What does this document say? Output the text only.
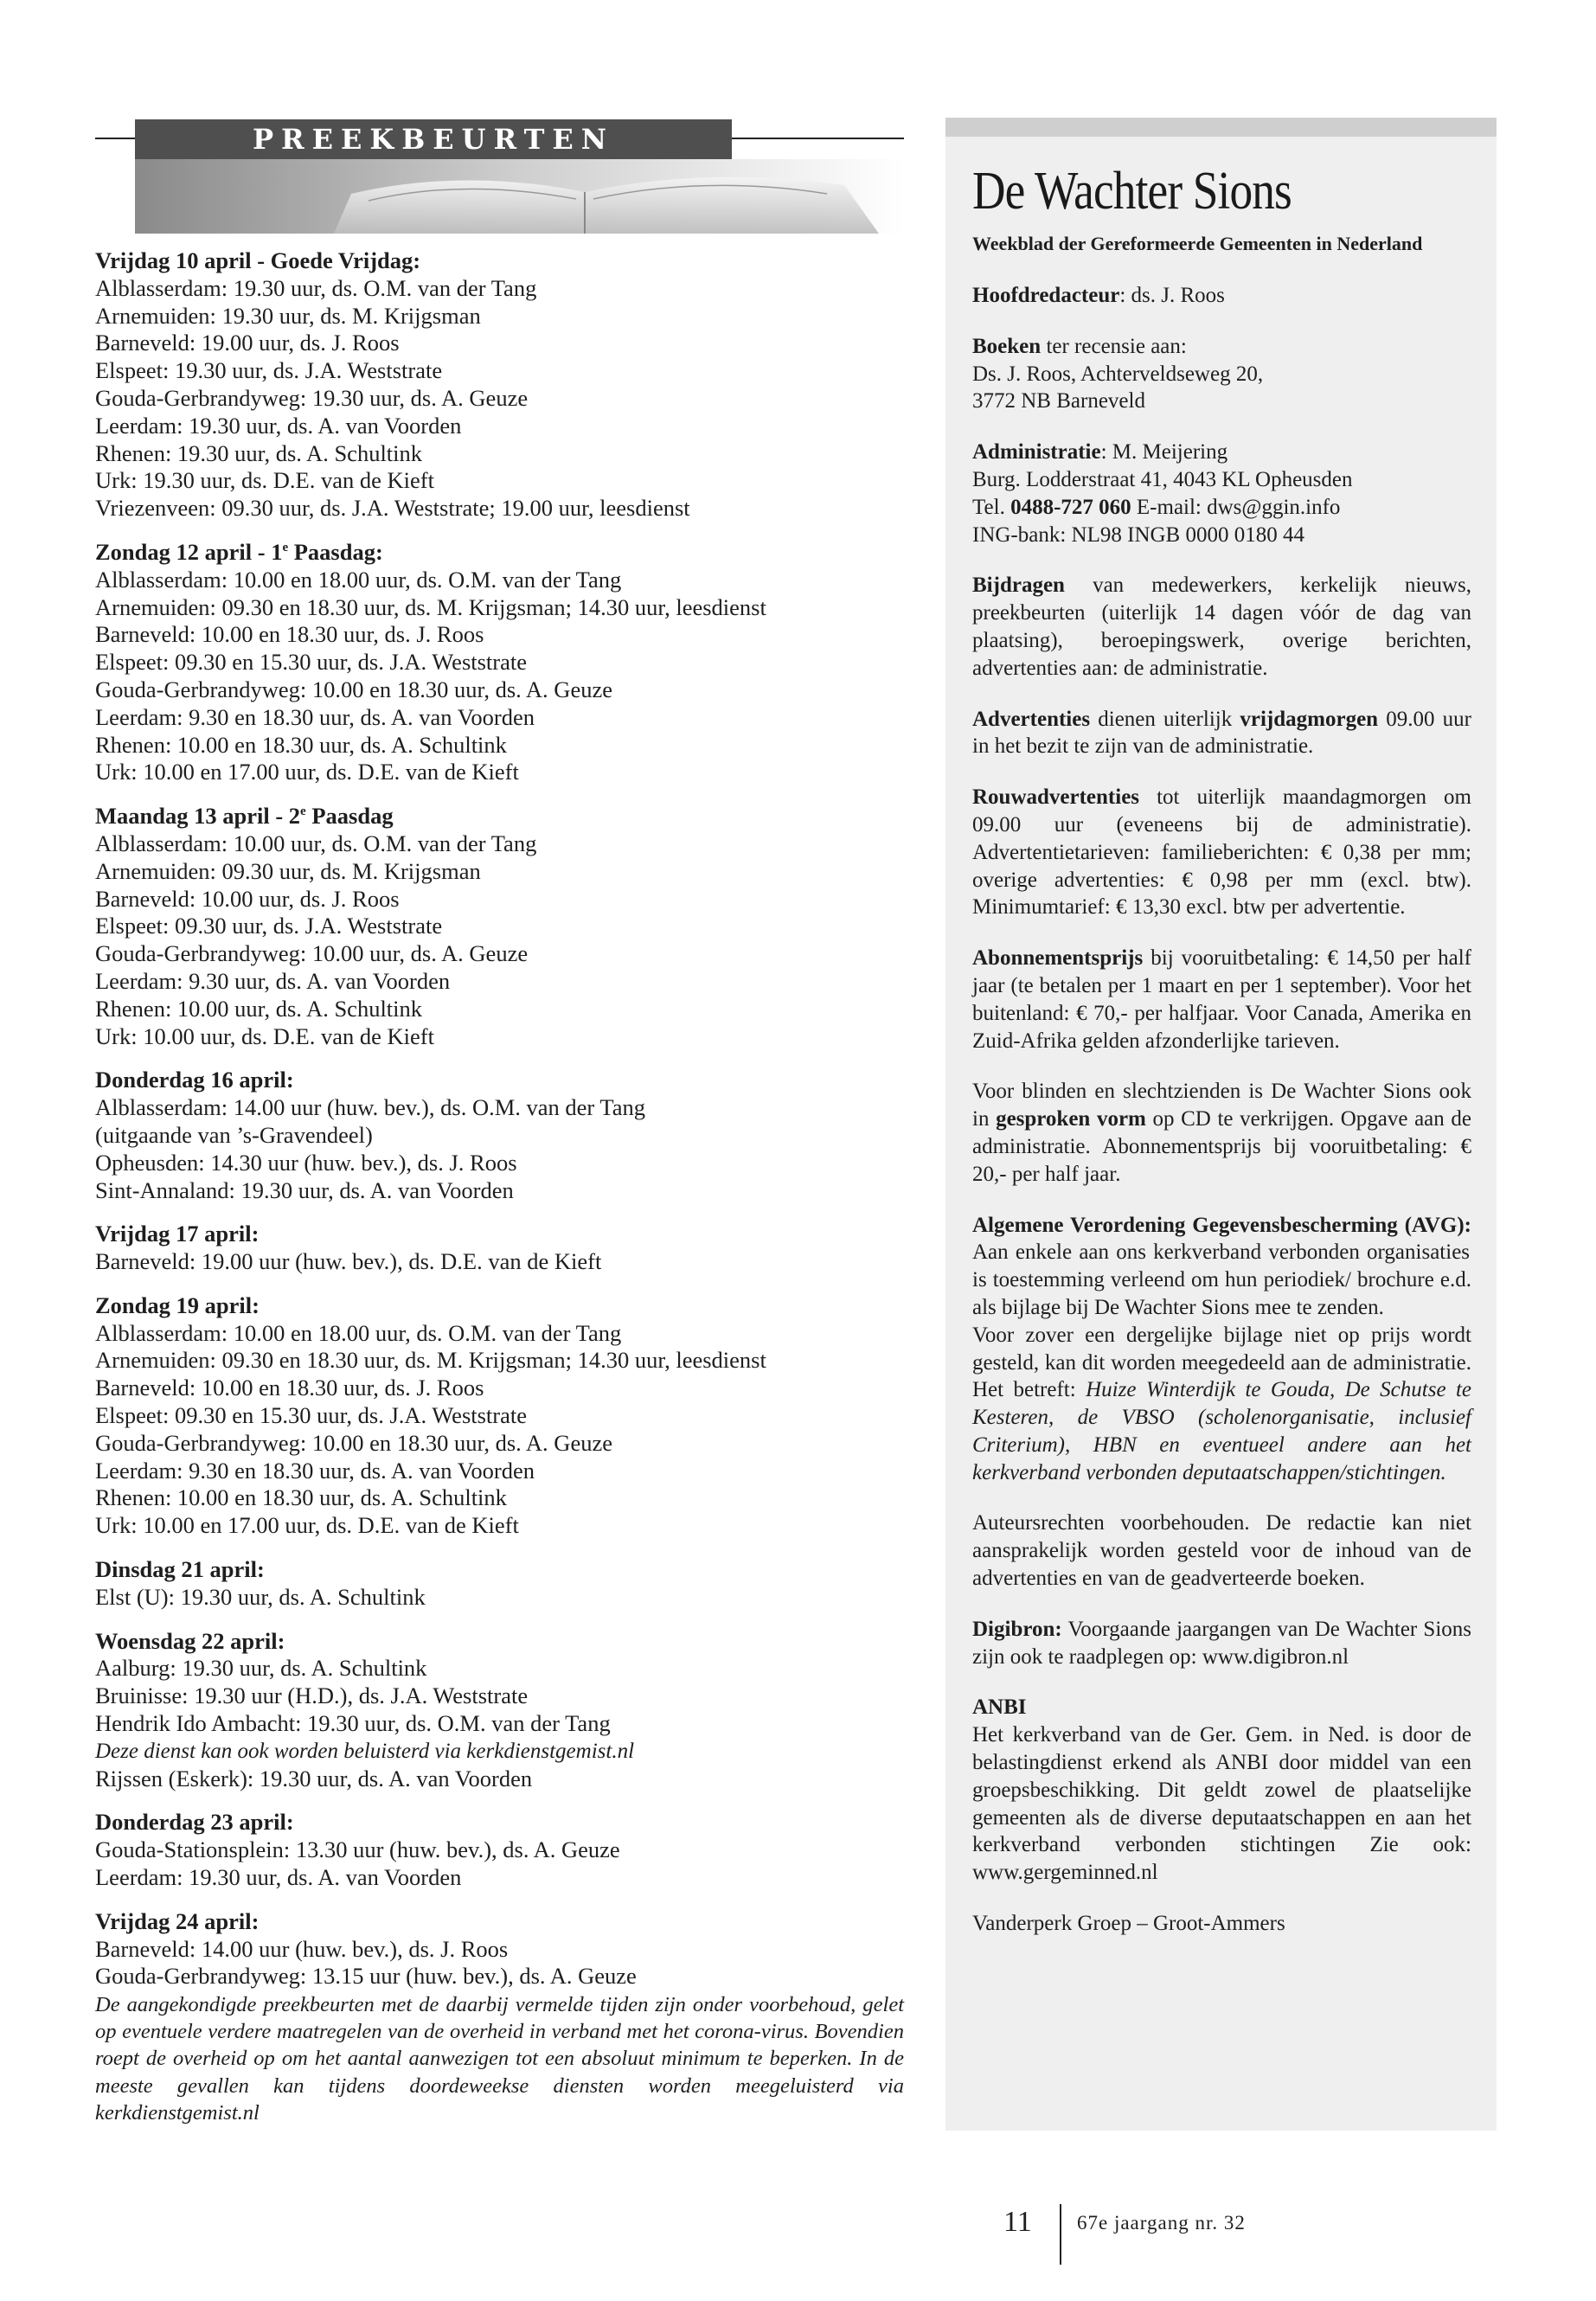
PREEKBEURTEN
Vrijdag 10 april - Goede Vrijdag:
Alblasserdam: 19.30 uur, ds. O.M. van der Tang
Arnemuiden: 19.30 uur, ds. M. Krijgsman
Barneveld: 19.00 uur, ds. J. Roos
Elspeet: 19.30 uur, ds. J.A. Weststrate
Gouda-Gerbrandyweg: 19.30 uur, ds. A. Geuze
Leerdam: 19.30 uur, ds. A. van Voorden
Rhenen: 19.30 uur, ds. A. Schultink
Urk: 19.30 uur, ds. D.E. van de Kieft
Vriezenveen: 09.30 uur, ds. J.A. Weststrate; 19.00 uur, leesdienst
Zondag 12 april - 1e Paasdag:
Alblasserdam: 10.00 en 18.00 uur, ds. O.M. van der Tang
Arnemuiden: 09.30 en 18.30 uur, ds. M. Krijgsman; 14.30 uur, leesdienst
Barneveld: 10.00 en 18.30 uur, ds. J. Roos
Elspeet: 09.30 en 15.30 uur, ds. J.A. Weststrate
Gouda-Gerbrandyweg: 10.00 en 18.30 uur, ds. A. Geuze
Leerdam: 9.30 en 18.30 uur, ds. A. van Voorden
Rhenen: 10.00 en 18.30 uur, ds. A. Schultink
Urk: 10.00 en 17.00 uur, ds. D.E. van de Kieft
Maandag 13 april - 2e Paasdag
Alblasserdam: 10.00 uur, ds. O.M. van der Tang
Arnemuiden: 09.30 uur, ds. M. Krijgsman
Barneveld: 10.00 uur, ds. J. Roos
Elspeet: 09.30 uur, ds. J.A. Weststrate
Gouda-Gerbrandyweg: 10.00 uur, ds. A. Geuze
Leerdam: 9.30 uur, ds. A. van Voorden
Rhenen: 10.00 uur, ds. A. Schultink
Urk: 10.00 uur, ds. D.E. van de Kieft
Donderdag 16 april:
Alblasserdam: 14.00 uur (huw. bev.), ds. O.M. van der Tang
(uitgaande van ’s-Gravendeel)
Opheusden: 14.30 uur (huw. bev.), ds. J. Roos
Sint-Annaland: 19.30 uur, ds. A. van Voorden
Vrijdag 17 april:
Barneveld: 19.00 uur (huw. bev.), ds. D.E. van de Kieft
Zondag 19 april:
Alblasserdam: 10.00 en 18.00 uur, ds. O.M. van der Tang
Arnemuiden: 09.30 en 18.30 uur, ds. M. Krijgsman; 14.30 uur, leesdienst
Barneveld: 10.00 en 18.30 uur, ds. J. Roos
Elspeet: 09.30 en 15.30 uur, ds. J.A. Weststrate
Gouda-Gerbrandyweg: 10.00 en 18.30 uur, ds. A. Geuze
Leerdam: 9.30 en 18.30 uur, ds. A. van Voorden
Rhenen: 10.00 en 18.30 uur, ds. A. Schultink
Urk: 10.00 en 17.00 uur, ds. D.E. van de Kieft
Dinsdag 21 april:
Elst (U): 19.30 uur, ds. A. Schultink
Woensdag 22 april:
Aalburg: 19.30 uur, ds. A. Schultink
Bruinisse: 19.30 uur (H.D.), ds. J.A. Weststrate
Hendrik Ido Ambacht: 19.30 uur, ds. O.M. van der Tang
Deze dienst kan ook worden beluisterd via kerkdienstgemist.nl
Rijssen (Eskerk): 19.30 uur, ds. A. van Voorden
Donderdag 23 april:
Gouda-Stationsplein: 13.30 uur (huw. bev.), ds. A. Geuze
Leerdam: 19.30 uur, ds. A. van Voorden
Vrijdag 24 april:
Barneveld: 14.00 uur (huw. bev.), ds. J. Roos
Gouda-Gerbrandyweg: 13.15 uur (huw. bev.), ds. A. Geuze
De aangekondigde preekbeurten met de daarbij vermelde tijden zijn onder voorbehoud, gelet op eventuele verdere maatregelen van de overheid in verband met het corona-virus. Bovendien roept de overheid op om het aantal aanwezigen tot een absoluut minimum te beperken. In de meeste gevallen kan tijdens doordeweekse diensten worden meegeluisterd via kerkdienstgemist.nl
De Wachter Sions
Weekblad der Gereformeerde Gemeenten in Nederland
Hoofdredacteur: ds. J. Roos
Boeken ter recensie aan:
Ds. J. Roos, Achterveldseweg 20,
3772 NB Barneveld
Administratie: M. Meijering
Burg. Lodderstraat 41, 4043 KL Opheusden
Tel. 0488-727 060 E-mail: dws@ggin.info
ING-bank: NL98 INGB 0000 0180 44
Bijdragen van medewerkers, kerkelijk nieuws, preekbeurten (uiterlijk 14 dagen vóór de dag van plaatsing), beroepingswerk, overige berichten, advertenties aan: de administratie.
Advertenties dienen uiterlijk vrijdagmorgen 09.00 uur in het bezit te zijn van de administratie.
Rouwadvertenties tot uiterlijk maandagmorgen om 09.00 uur (eveneens bij de administratie). Advertentietarieven: familieberichten: € 0,38 per mm; overige advertenties: € 0,98 per mm (excl. btw). Minimumtarief: € 13,30 excl. btw per advertentie.
Abonnementsprijs bij vooruitbetaling: € 14,50 per half jaar (te betalen per 1 maart en per 1 september). Voor het buitenland: € 70,- per halfjaar. Voor Canada, Amerika en Zuid-Afrika gelden afzonderlijke tarieven.
Voor blinden en slechtzienden is De Wachter Sions ook in gesproken vorm op CD te verkrijgen. Opgave aan de administratie. Abonnementsprijs bij vooruitbetaling: € 20,- per half jaar.
Algemene Verordening Gegevensbescherming (AVG): Aan enkele aan ons kerkverband verbonden organisaties is toestemming verleend om hun periodiek/ brochure e.d. als bijlage bij De Wachter Sions mee te zenden.
Voor zover een dergelijke bijlage niet op prijs wordt gesteld, kan dit worden meegedeeld aan de administratie. Het betreft: Huize Winterdijk te Gouda, De Schutse te Kesteren, de VBSO (scholenorganisatie, inclusief Criterium), HBN en eventueel andere aan het kerkverband verbonden deputaatschappen/stichtingen.
Auteursrechten voorbehouden. De redactie kan niet aansprakelijk worden gesteld voor de inhoud van de advertenties en van de geadverteerde boeken.
Digibron: Voorgaande jaargangen van De Wachter Sions zijn ook te raadplegen op: www.digibron.nl
ANBI
Het kerkverband van de Ger. Gem. in Ned. is door de belastingdienst erkend als ANBI door middel van een groepsbeschikking. Dit geldt zowel de plaatselijke gemeenten als de diverse deputaatschappen en aan het kerkverband verbonden stichtingen Zie ook: www.gergeminned.nl
Vanderperk Groep – Groot-Ammers
11 67e jaargang nr. 32
